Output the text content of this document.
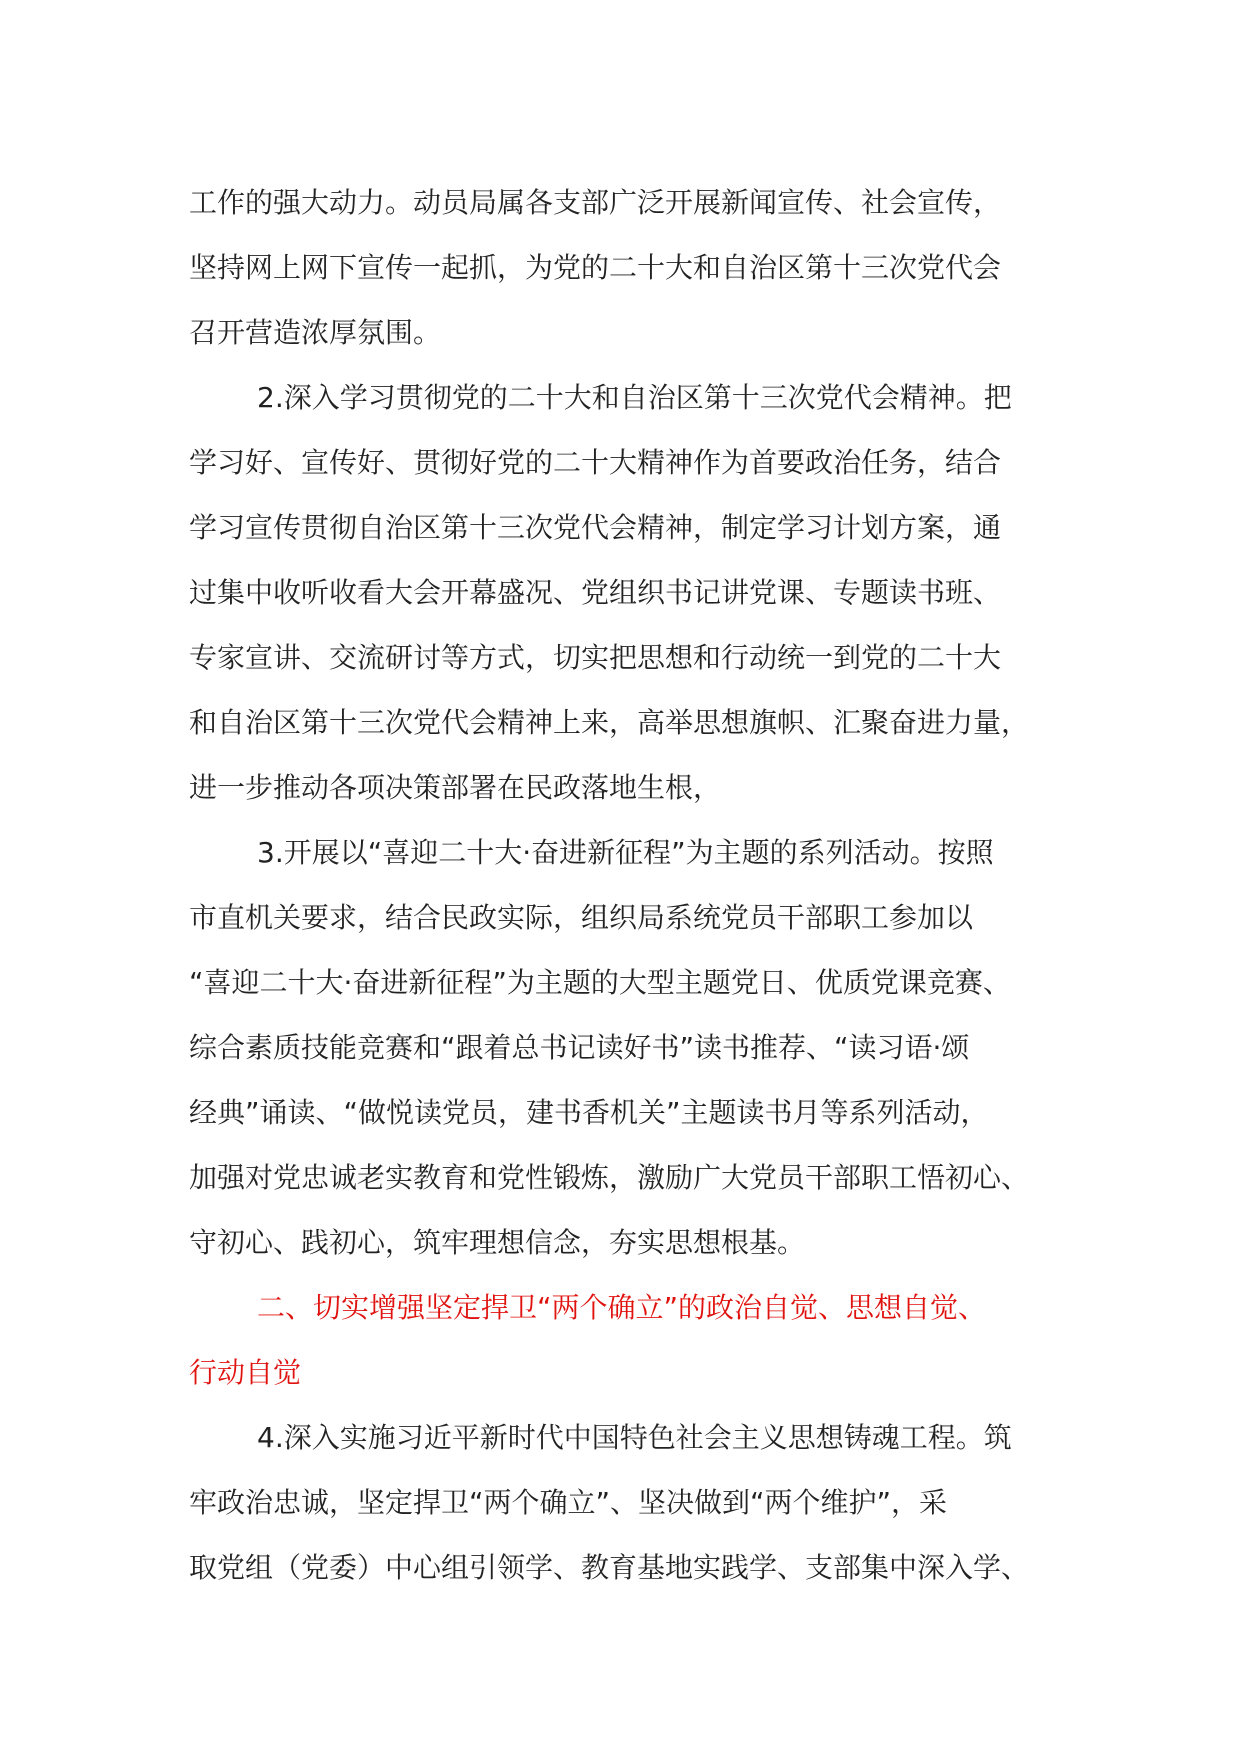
工作的强大动力。动员局属各支部广泛开展新闻宣传、社会宣传，
坚持网上网下宣传一起抓，为党的二十大和自治区第十三次党代会
召开营造浓厚氛围。
2.深入学习贯彻党的二十大和自治区第十三次党代会精神。把
学习好、宣传好、贯彻好党的二十大精神作为首要政治任务，结合
学习宣传贯彻自治区第十三次党代会精神，制定学习计划方案，通
过集中收听收看大会开幕盛况、党组织书记讲党课、专题读书班、
专家宣讲、交流研讨等方式，切实把思想和行动统一到党的二十大
和自治区第十三次党代会精神上来，高举思想旗帜、汇聚奋进力量，
进一步推动各项决策部署在民政落地生根，
3.开展以“喜迎二十大·奋进新征程”为主题的系列活动。按照
市直机关要求，结合民政实际，组织局系统党员干部职工参加以
“喜迎二十大·奋进新征程”为主题的大型主题党日、优质党课竞赛、
综合素质技能竞赛和“跟着总书记读好书”读书推荐、“读习语·颂
经典”诵读、“做悦读党员，建书香机关”主题读书月等系列活动，
加强对党忠诚老实教育和党性锻炼，激励广大党员干部职工悟初心、
守初心、践初心，筑牢理想信念，夯实思想根基。
二、切实增强坚定捍卫“两个确立”的政治自觉、思想自觉、
行动自觉
4.深入实施习近平新时代中国特色社会主义思想铸魂工程。筑
牢政治忠诚，坚定捍卫“两个确立”、坚决做到“两个维护”，采
取党组（党委）中心组引领学、教育基地实践学、支部集中深入学、
